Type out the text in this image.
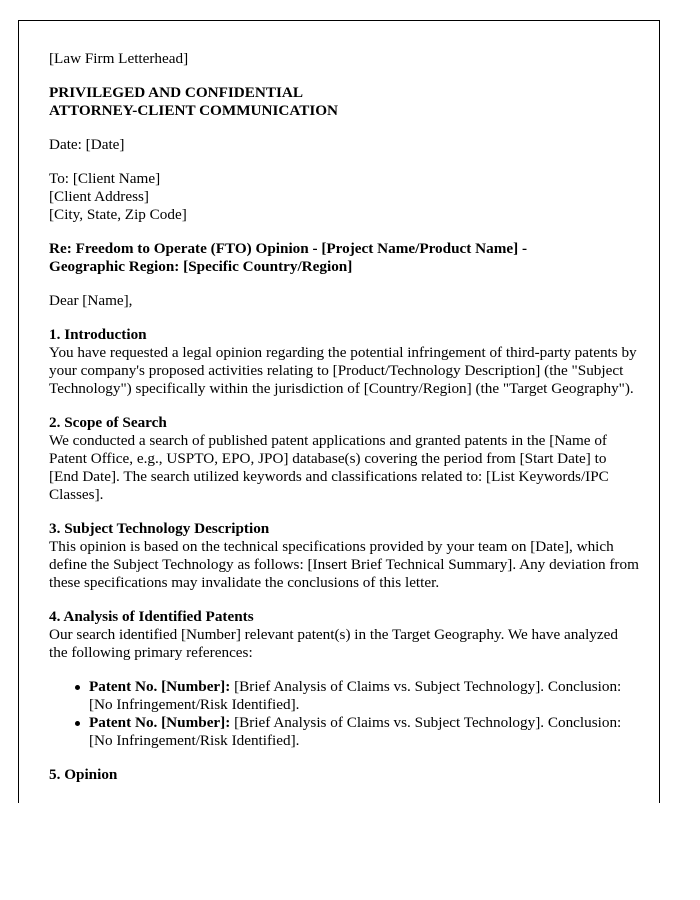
[Law Firm Letterhead]

PRIVILEGED AND CONFIDENTIAL
ATTORNEY-CLIENT COMMUNICATION

Date: [Date]

To: [Client Name]
[Client Address]
[City, State, Zip Code]

Re: Freedom to Operate (FTO) Opinion - [Project Name/Product Name] -
Geographic Region: [Specific Country/Region]

Dear [Name],

1. Introduction

You have requested a legal opinion regarding the potential infringement of third-party patents by your company's proposed activities relating to [Product/Technology Description] (the "Subject Technology") specifically within the jurisdiction of [Country/Region] (the "Target Geography").

2. Scope of Search

We conducted a search of published patent applications and granted patents in the [Name of Patent Office, e.g., USPTO, EPO, JPO] database(s) covering the period from [Start Date] to [End Date]. The search utilized keywords and classifications related to: [List Keywords/IPC Classes].

3. Subject Technology Description

This opinion is based on the technical specifications provided by your team on [Date], which define the Subject Technology as follows: [Insert Brief Technical Summary]. Any deviation from these specifications may invalidate the conclusions of this letter.

4. Analysis of Identified Patents

Our search identified [Number] relevant patent(s) in the Target Geography. We have analyzed the following primary references:

Patent No. [Number]: [Brief Analysis of Claims vs. Subject Technology]. Conclusion: [No Infringement/Risk Identified].
Patent No. [Number]: [Brief Analysis of Claims vs. Subject Technology]. Conclusion: [No Infringement/Risk Identified].
5. Opinion
